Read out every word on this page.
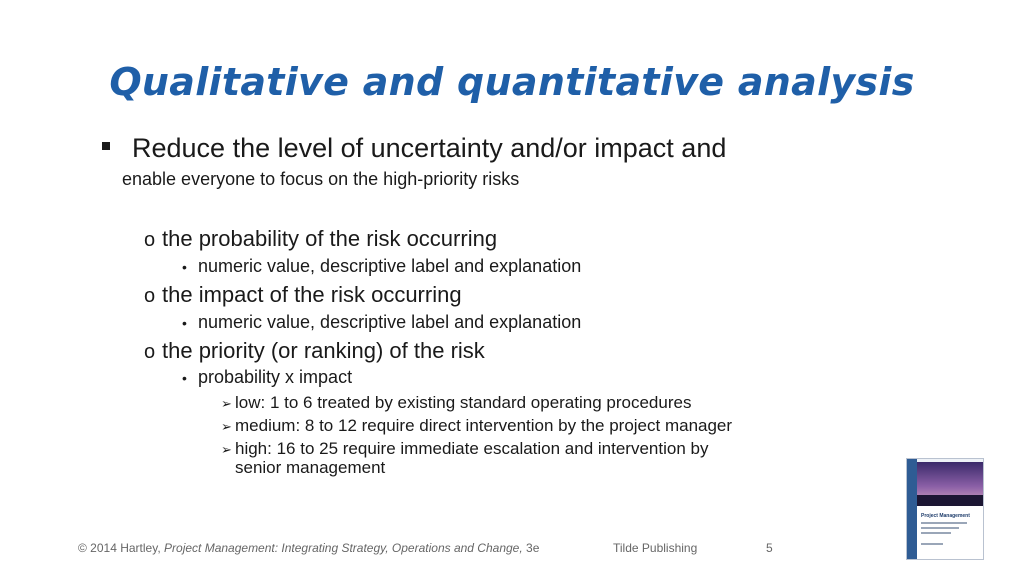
Qualitative and quantitative analysis
Reduce the level of uncertainty and/or impact and
enable everyone to focus on the high-priority risks
o the probability of the risk occurring
• numeric value, descriptive label and explanation
o the impact of the risk occurring
• numeric value, descriptive label and explanation
o the priority (or ranking) of the risk
• probability x impact
➢ low: 1 to 6 treated by existing standard operating procedures
➢ medium: 8 to 12 require direct intervention by the project manager
➢ high: 16 to 25 require immediate escalation and intervention by
senior management
© 2014 Hartley, Project Management: Integrating Strategy, Operations and Change, 3e	Tilde Publishing	5
Project Management
